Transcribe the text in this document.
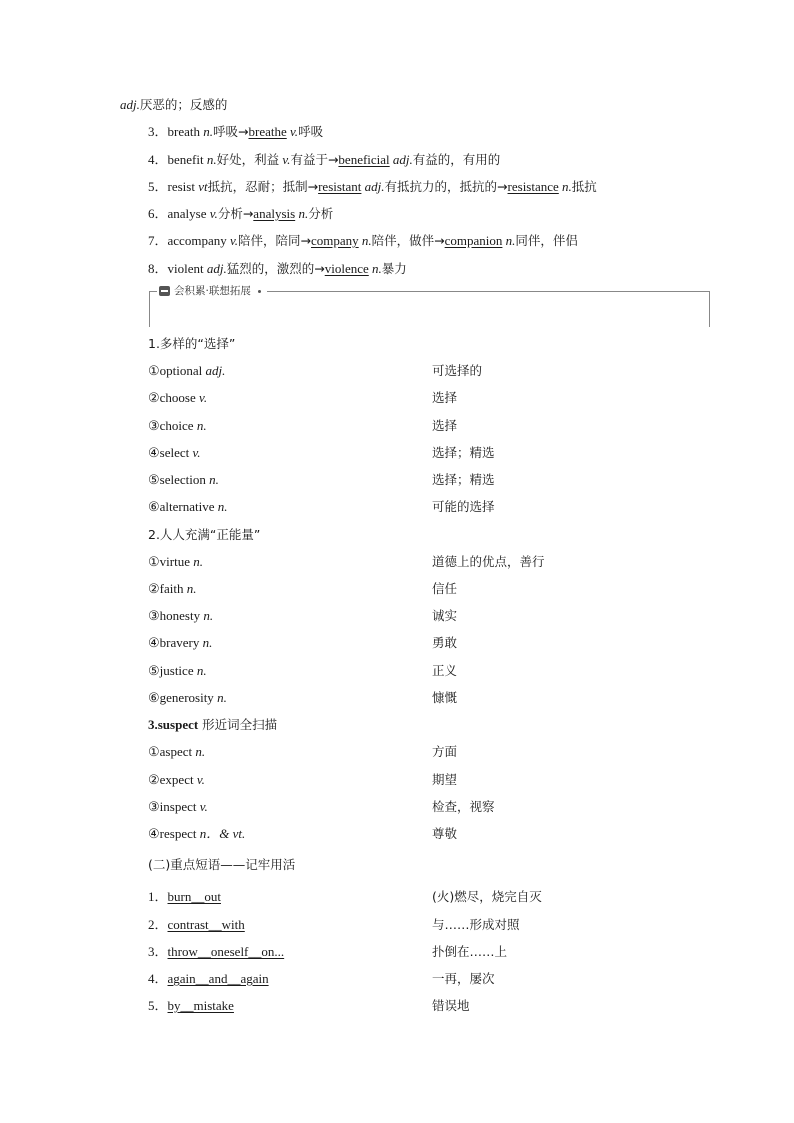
adj.厌恶的；反感的
3．breath n.呼吸→breathe v.呼吸
4．benefit n.好处，利益 v.有益于→beneficial adj.有益的，有用的
5．resist vt抵抗，忍耐；抵制→resistant adj.有抵抗力的，抵抗的→resistance n.抵抗
6．analyse v.分析→analysis n.分析
7．accompany v.陪伴，陪同→company n.陪伴，做伴→companion n.同伴，伴侣
8．violent adj.猛烈的，激烈的→violence n.暴力
会积累·联想拓展
1.多样的“选择”
①optional adj.	可选择的
②choose v.	选择
③choice n.	选择
④select v.	选择；精选
⑤selection n.	选择；精选
⑥alternative n.	可能的选择
2.人人充满“正能量”
①virtue n.	道德上的优点，善行
②faith n.	信任
③honesty n.	诚实
④bravery n.	勇敢
⑤justice n.	正义
⑥generosity n.	慷慨
3.suspect 形近词全扫描
①aspect n.	方面
②expect v.	期望
③inspect v.	检查，视察
④respect n．& vt.	尊敬
(二)重点短语——记牢用活
1．burn__out	(火)燃尽，烧完自灭
2．contrast__with	与……形成对照
3．throw__oneself__on...	扑倒在……上
4．again__and__again	一再，屡次
5．by__mistake	错误地
